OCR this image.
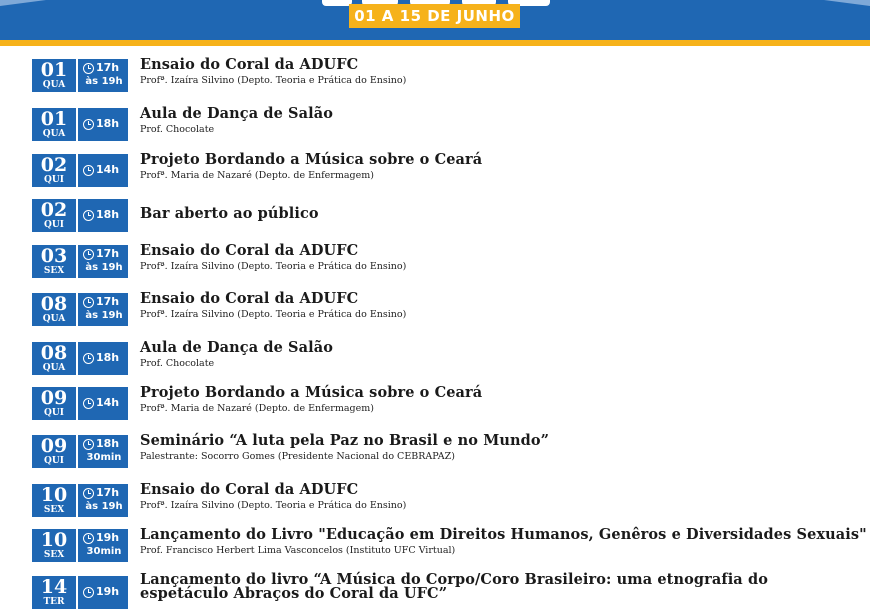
01 A 15 DE JUNHO
01
QUA
17h
às 19h
Ensaio do Coral da ADUFC
Profª. Izaíra Silvino (Depto. Teoria e Prática do Ensino)
01
QUA
18h
Aula de Dança de Salão
Prof. Chocolate
02
QUI
14h
Projeto Bordando a Música sobre o Ceará
Profª. Maria de Nazaré (Depto. de Enfermagem)
02
QUI
18h Bar aberto ao público
03
SEX
17h
às 19h
Ensaio do Coral da ADUFC
Profª. Izaíra Silvino (Depto. Teoria e Prática do Ensino)
08
QUA
17h
às 19h
Ensaio do Coral da ADUFC
Profª. Izaíra Silvino (Depto. Teoria e Prática do Ensino)
08
QUA
18h
Aula de Dança de Salão
Prof. Chocolate
09
QUI
14h
Projeto Bordando a Música sobre o Ceará
Profª. Maria de Nazaré (Depto. de Enfermagem)
09
QUI
18h
30min
Seminário “A luta pela Paz no Brasil e no Mundo”
Palestrante: Socorro Gomes (Presidente Nacional do CEBRAPAZ)
10
SEX
17h
às 19h
Ensaio do Coral da ADUFC
Profª. Izaíra Silvino (Depto. Teoria e Prática do Ensino)
10
SEX
19h
30min
Lançamento do Livro "Educação em Direitos Humanos, Genêros e Diversidades Sexuais"
Prof. Francisco Herbert Lima Vasconcelos (Instituto UFC Virtual)
14
TER
19h
Lançamento do livro “A Música do Corpo/Coro Brasileiro: uma etnografia do espetáculo Abraços do Coral da UFC”
